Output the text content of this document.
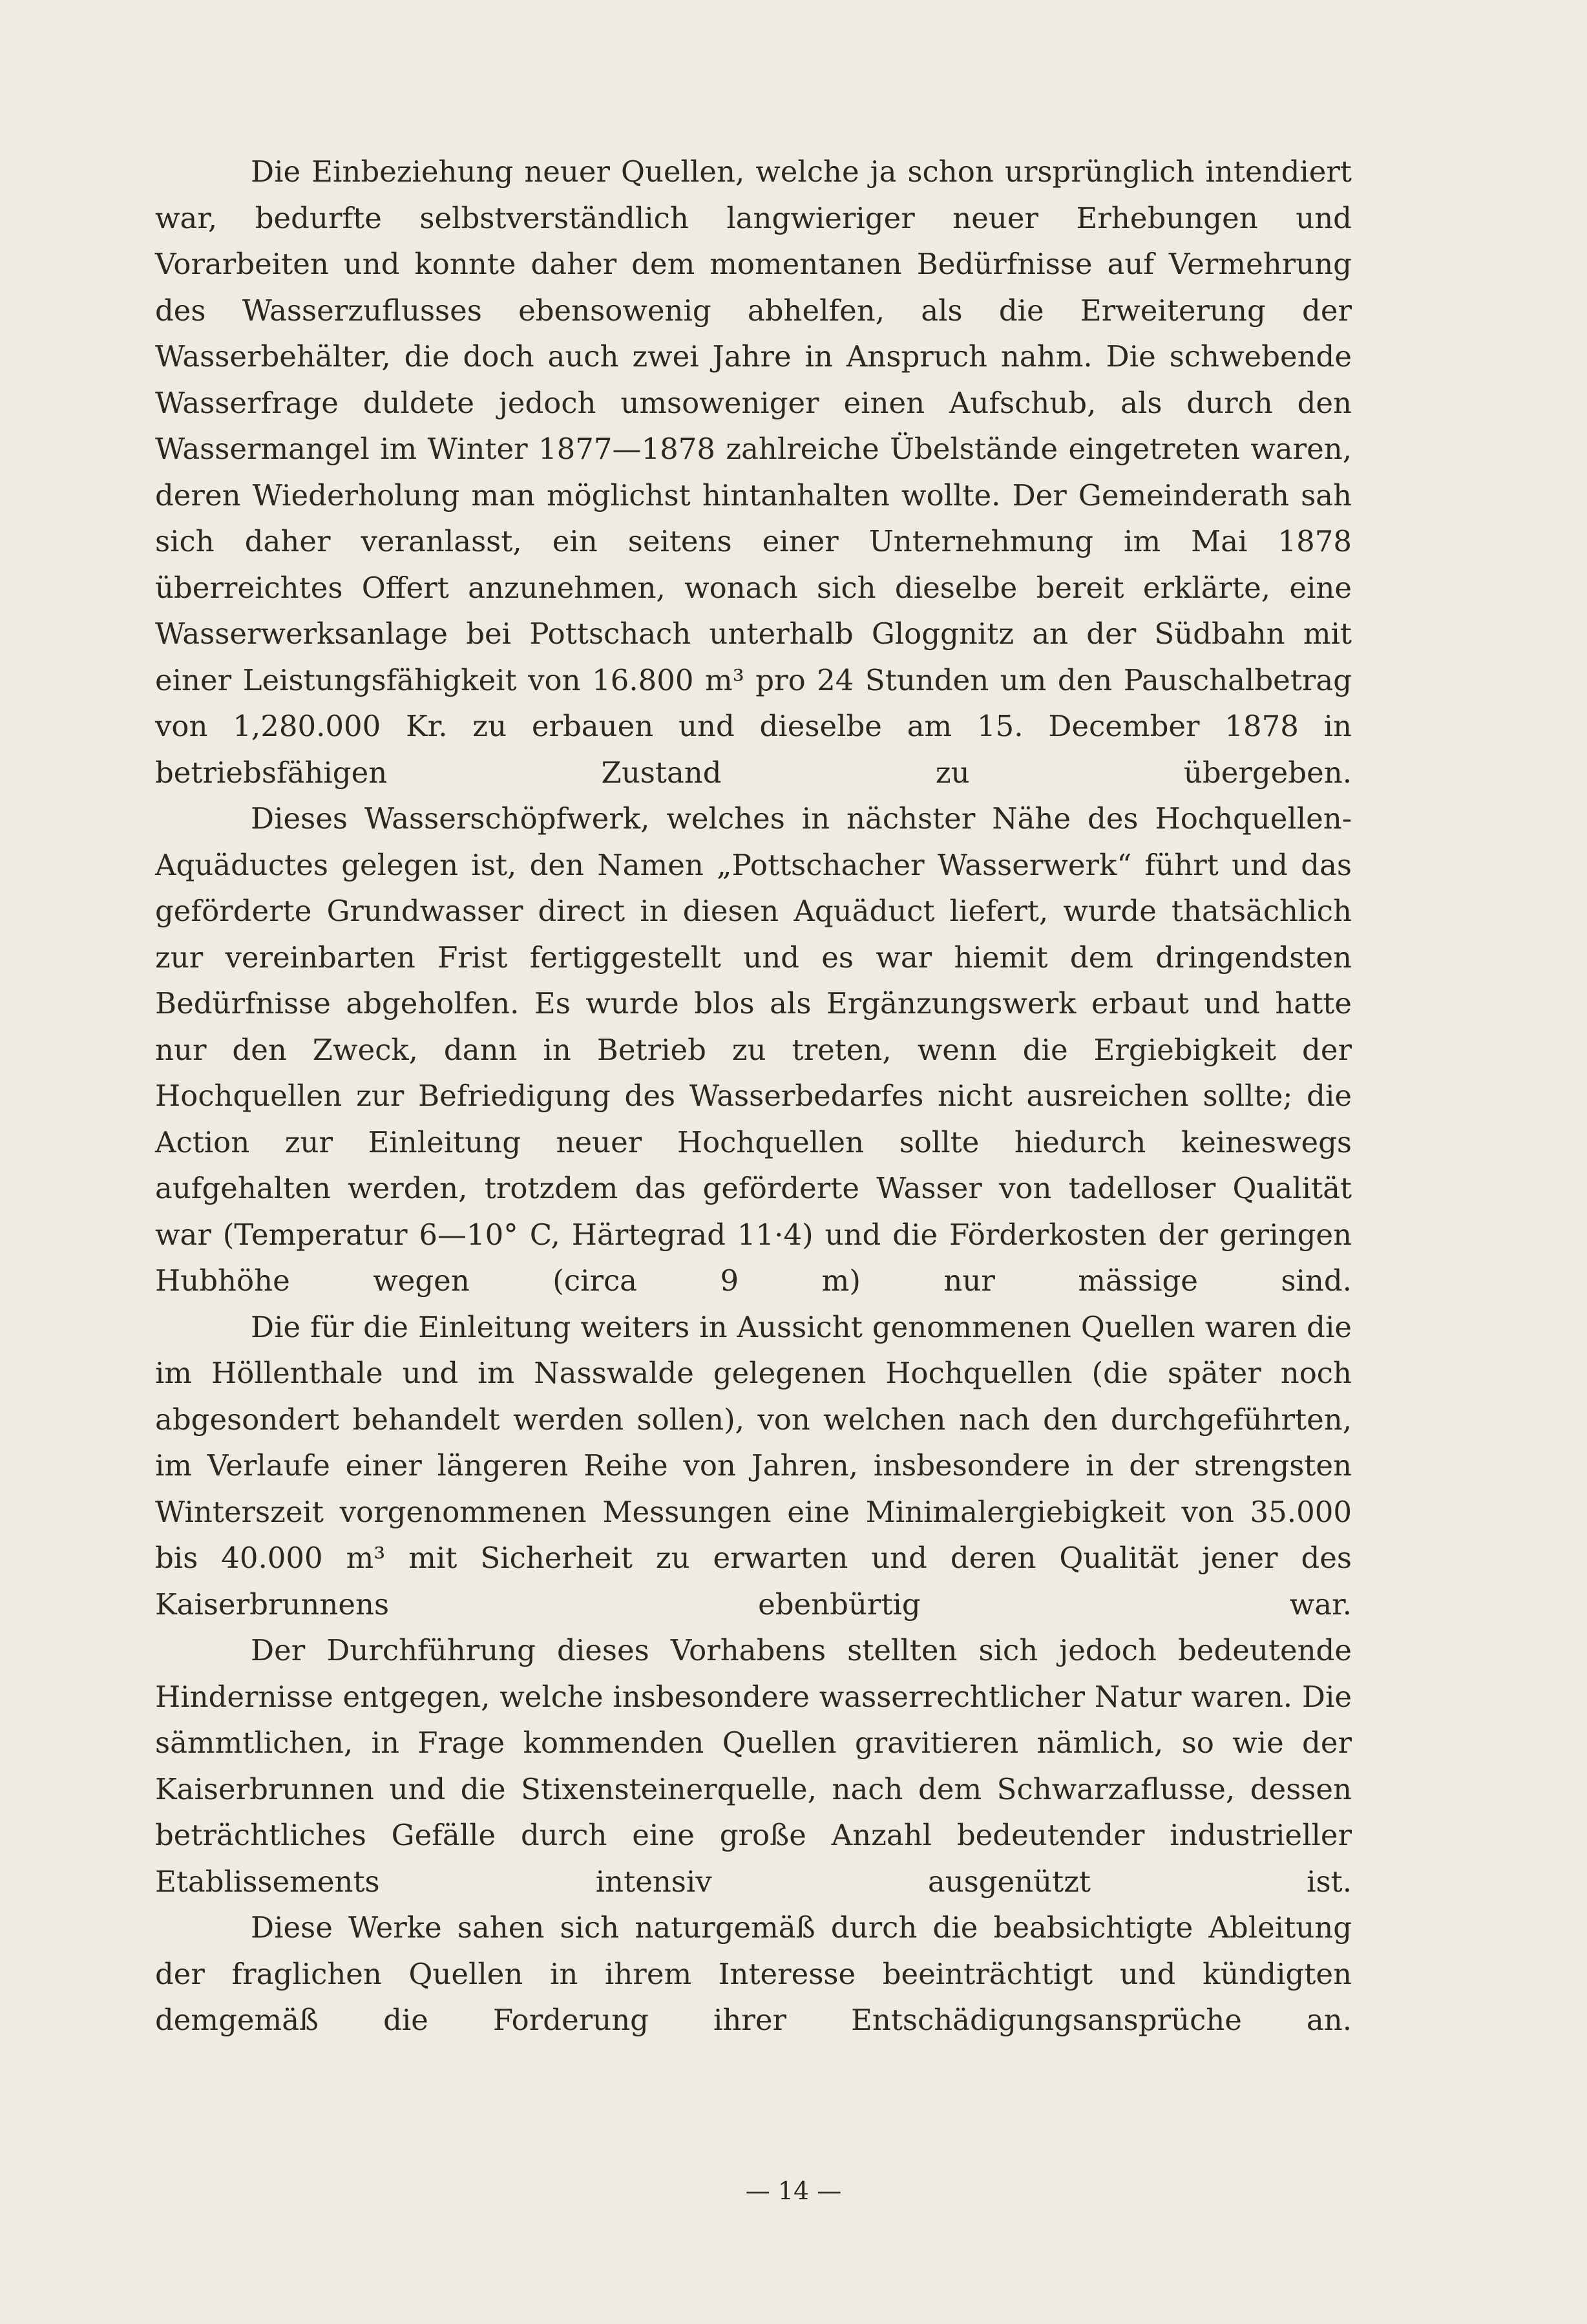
Die Einbeziehung neuer Quellen, welche ja schon ursprünglich intendiert war, bedurfte selbstverständlich langwieriger neuer Erhebungen und Vorarbeiten und konnte daher dem momentanen Bedürfnisse auf Vermehrung des Wasserzuflusses ebensowenig abhelfen, als die Erweiterung der Wasserbehälter, die doch auch zwei Jahre in Anspruch nahm. Die schwebende Wasserfrage duldete jedoch umsoweniger einen Aufschub, als durch den Wassermangel im Winter 1877—1878 zahlreiche Übelstände eingetreten waren, deren Wiederholung man möglichst hintanhalten wollte. Der Gemeinderath sah sich daher veranlasst, ein seitens einer Unternehmung im Mai 1878 überreichtes Offert anzunehmen, wonach sich dieselbe bereit erklärte, eine Wasserwerksanlage bei Pottschach unterhalb Gloggnitz an der Südbahn mit einer Leistungsfähigkeit von 16.800 m³ pro 24 Stunden um den Pauschalbetrag von 1,280.000 Kr. zu erbauen und dieselbe am 15. December 1878 in betriebsfähigen Zustand zu übergeben.

Dieses Wasserschöpfwerk, welches in nächster Nähe des Hochquellen-Aquäductes gelegen ist, den Namen „Pottschacher Wasserwerk“ führt und das geförderte Grundwasser direct in diesen Aquäduct liefert, wurde thatsächlich zur vereinbarten Frist fertiggestellt und es war hiemit dem dringendsten Bedürfnisse abgeholfen. Es wurde blos als Ergänzungswerk erbaut und hatte nur den Zweck, dann in Betrieb zu treten, wenn die Ergiebigkeit der Hochquellen zur Befriedigung des Wasserbedarfes nicht ausreichen sollte; die Action zur Einleitung neuer Hochquellen sollte hiedurch keineswegs aufgehalten werden, trotzdem das geförderte Wasser von tadelloser Qualität war (Temperatur 6—10° C, Härtegrad 11·4) und die Förderkosten der geringen Hubhöhe wegen (circa 9 m) nur mässige sind.

Die für die Einleitung weiters in Aussicht genommenen Quellen waren die im Höllenthale und im Nasswalde gelegenen Hochquellen (die später noch abgesondert behandelt werden sollen), von welchen nach den durchgeführten, im Verlaufe einer längeren Reihe von Jahren, insbesondere in der strengsten Winterszeit vorgenommenen Messungen eine Minimalergiebigkeit von 35.000 bis 40.000 m³ mit Sicherheit zu erwarten und deren Qualität jener des Kaiserbrunnens ebenbürtig war.

Der Durchführung dieses Vorhabens stellten sich jedoch bedeutende Hindernisse entgegen, welche insbesondere wasserrechtlicher Natur waren. Die sämmtlichen, in Frage kommenden Quellen gravitieren nämlich, so wie der Kaiserbrunnen und die Stixensteinerquelle, nach dem Schwarzaflusse, dessen beträchtliches Gefälle durch eine große Anzahl bedeutender industrieller Etablissements intensiv ausgenützt ist.

Diese Werke sahen sich naturgemäß durch die beabsichtigte Ableitung der fraglichen Quellen in ihrem Interesse beeinträchtigt und kündigten demgemäß die Forderung ihrer Entschädigungsansprüche an.

— 14 —
